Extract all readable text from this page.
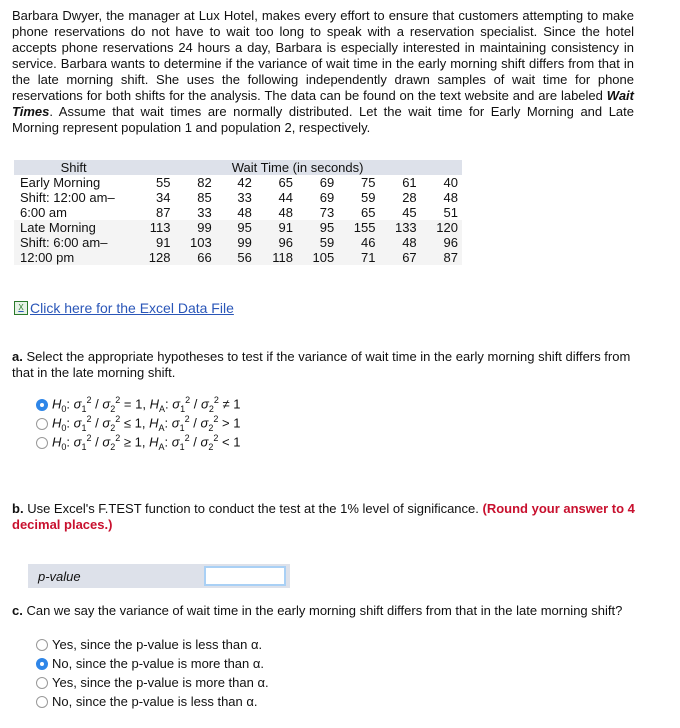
Barbara Dwyer, the manager at Lux Hotel, makes every effort to ensure that customers attempting to make phone reservations do not have to wait too long to speak with a reservation specialist. Since the hotel accepts phone reservations 24 hours a day, Barbara is especially interested in maintaining consistency in service. Barbara wants to determine if the variance of wait time in the early morning shift differs from that in the late morning shift. She uses the following independently drawn samples of wait time for phone reservations for both shifts for the analysis. The data can be found on the text website and are labeled Wait Times. Assume that wait times are normally distributed. Let the wait time for Early Morning and Late Morning represent population 1 and population 2, respectively.
Shift	Wait Time (in seconds)							
Early Morning	55	82	42	65	69	75	61	40
Shift: 12:00 am–	34	85	33	44	69	59	28	48
6:00 am	87	33	48	48	73	65	45	51
Late Morning	113	99	95	91	95	155	133	120
Shift: 6:00 am–	91	103	99	96	59	46	48	96
12:00 pm	128	66	56	118	105	71	67	87
X Click here for the Excel Data File
a. Select the appropriate hypotheses to test if the variance of wait time in the early morning shift differs from that in the late morning shift.
$H_0$: $\sigma_1^2 / \sigma_2^2 = 1$, $H_A$: $\sigma_1^2 / \sigma_2^2 \ne 1$
$H_0$: $\sigma_1^2 / \sigma_2^2 \le 1$, $H_A$: $\sigma_1^2 / \sigma_2^2 > 1$
$H_0$: $\sigma_1^2 / \sigma_2^2 \ge 1$, $H_A$: $\sigma_1^2 / \sigma_2^2 < 1$
b. Use Excel's F.TEST function to conduct the test at the 1% level of significance. (Round your answer to 4 decimal places.)
p-value
c. Can we say the variance of wait time in the early morning shift differs from that in the late morning shift?
Yes, since the p-value is less than α.
No, since the p-value is more than α.
Yes, since the p-value is more than α.
No, since the p-value is less than α.
